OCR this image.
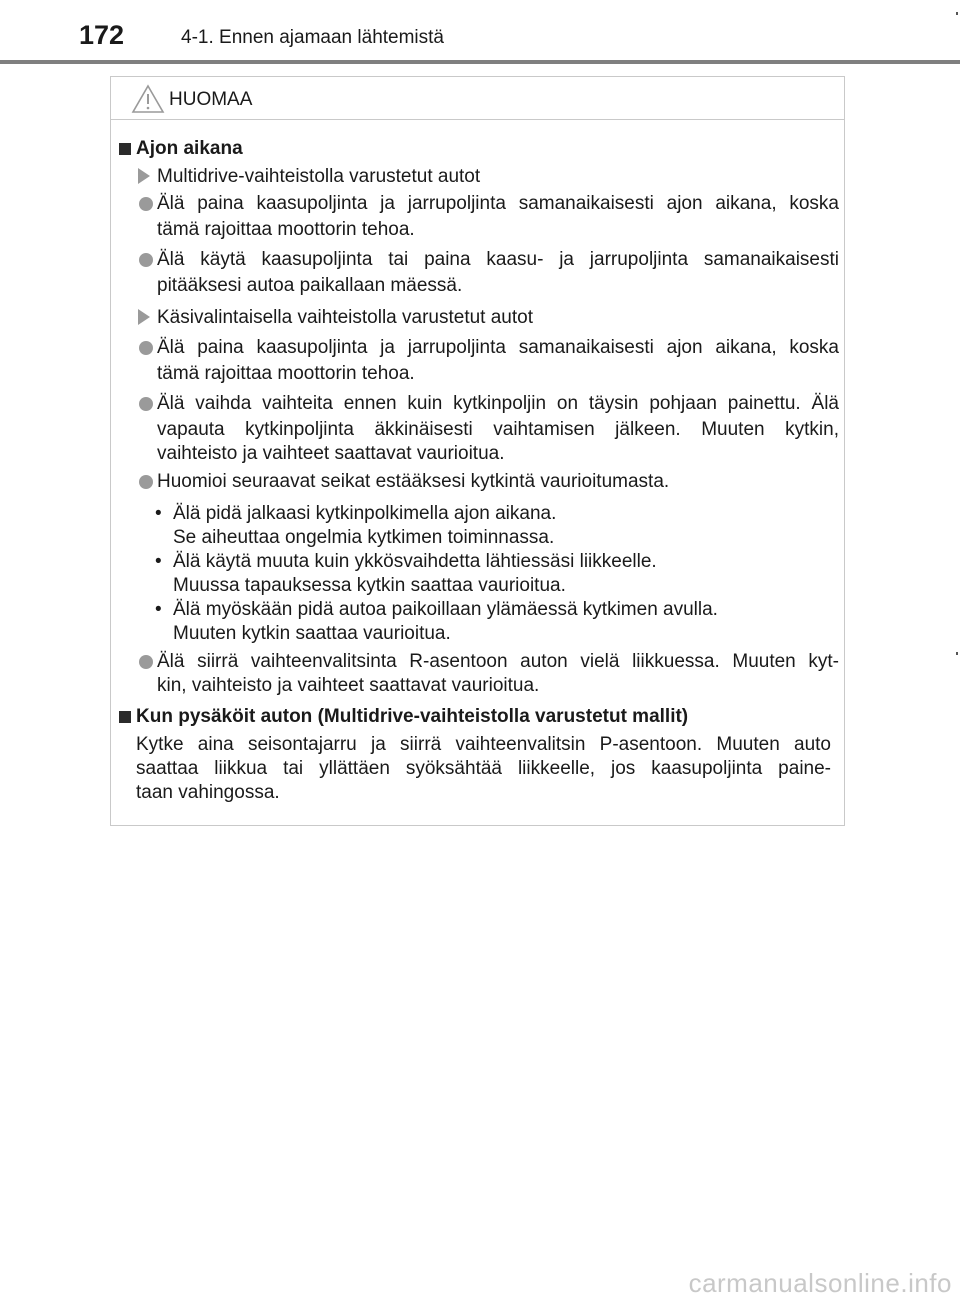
172	4-1. Ennen ajamaan lähtemistä
HUOMAA
Ajon aikana
Multidrive-vaihteistolla varustetut autot
Älä paina kaasupoljinta ja jarrupoljinta samanaikaisesti ajon aikana, koska
tämä rajoittaa moottorin tehoa.
Älä käytä kaasupoljinta tai paina kaasu- ja jarrupoljinta samanaikaisesti
pitääksesi autoa paikallaan mäessä.
Käsivalintaisella vaihteistolla varustetut autot
Älä paina kaasupoljinta ja jarrupoljinta samanaikaisesti ajon aikana, koska
tämä rajoittaa moottorin tehoa.
Älä vaihda vaihteita ennen kuin kytkinpoljin on täysin pohjaan painettu. Älä
vapauta kytkinpoljinta äkkinäisesti vaihtamisen jälkeen. Muuten kytkin,
vaihteisto ja vaihteet saattavat vaurioitua.
Huomioi seuraavat seikat estääksesi kytkintä vaurioitumasta.
• Älä pidä jalkaasi kytkinpolkimella ajon aikana.
Se aiheuttaa ongelmia kytkimen toiminnassa.
• Älä käytä muuta kuin ykkösvaihdetta lähtiessäsi liikkeelle.
Muussa tapauksessa kytkin saattaa vaurioitua.
• Älä myöskään pidä autoa paikoillaan ylämäessä kytkimen avulla.
Muuten kytkin saattaa vaurioitua.
Älä siirrä vaihteenvalitsinta R-asentoon auton vielä liikkuessa. Muuten kyt-
kin, vaihteisto ja vaihteet saattavat vaurioitua.
Kun pysäköit auton (Multidrive-vaihteistolla varustetut mallit)
Kytke aina seisontajarru ja siirrä vaihteenvalitsin P-asentoon. Muuten auto
saattaa liikkua tai yllättäen syöksähtää liikkeelle, jos kaasupoljinta paine-
taan vahingossa.
carmanualsonline.info
